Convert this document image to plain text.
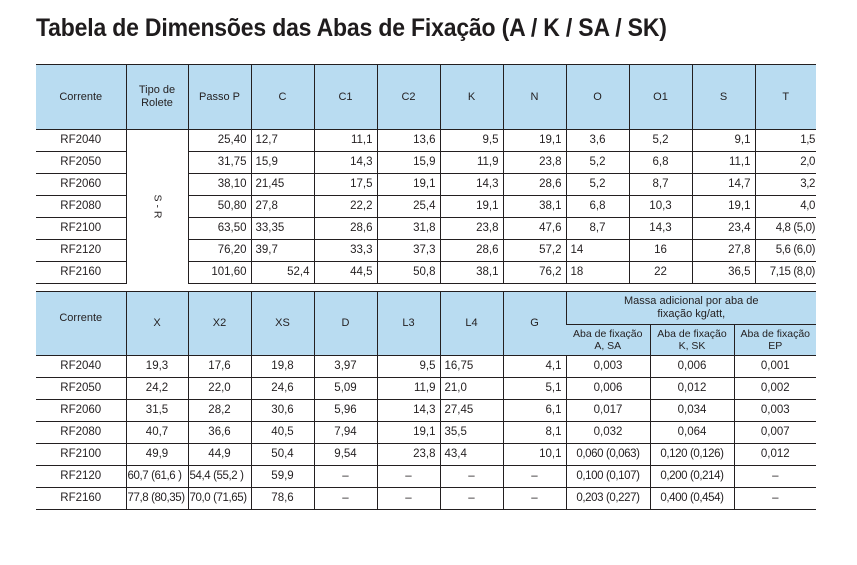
Tabela de Dimensões das Abas de Fixação (A / K / SA / SK)
Corrente	Tipo de Rolete	Passo P	C	C1	C2	K	N	O	O1	S	T
RF2040	S - R	25,40	12,7	11,1	13,6	9,5	19,1	3,6	5,2	9,1	1,5
RF2050		31,75	15,9	14,3	15,9	11,9	23,8	5,2	6,8	11,1	2,0
RF2060		38,10	21,45	17,5	19,1	14,3	28,6	5,2	8,7	14,7	3,2
RF2080		50,80	27,8	22,2	25,4	19,1	38,1	6,8	10,3	19,1	4,0
RF2100		63,50	33,35	28,6	31,8	23,8	47,6	8,7	14,3	23,4	4,8 (5,0)
RF2120		76,20	39,7	33,3	37,3	28,6	57,2	14	16	27,8	5,6 (6,0)
RF2160		101,60	52,4	44,5	50,8	38,1	76,2	18	22	36,5	7,15 (8,0)
Corrente	X	X2	XS	D	L3	L4	G	Massa adicional por aba de fixação kg/att,		
								Aba de fixação A, SA	Aba de fixação K, SK	Aba de fixação EP
RF2040	19,3	17,6	19,8	3,97	9,5	16,75	4,1	0,003	0,006	0,001
RF2050	24,2	22,0	24,6	5,09	11,9	21,0	5,1	0,006	0,012	0,002
RF2060	31,5	28,2	30,6	5,96	14,3	27,45	6,1	0,017	0,034	0,003
RF2080	40,7	36,6	40,5	7,94	19,1	35,5	8,1	0,032	0,064	0,007
RF2100	49,9	44,9	50,4	9,54	23,8	43,4	10,1	0,060 (0,063)	0,120 (0,126)	0,012
RF2120	60,7 (61,6 )	54,4 (55,2 )	59,9	–	–	–	–	0,100 (0,107)	0,200 (0,214)	–
RF2160	77,8 (80,35)	70,0 (71,65)	78,6	–	–	–	–	0,203 (0,227)	0,400 (0,454)	–
